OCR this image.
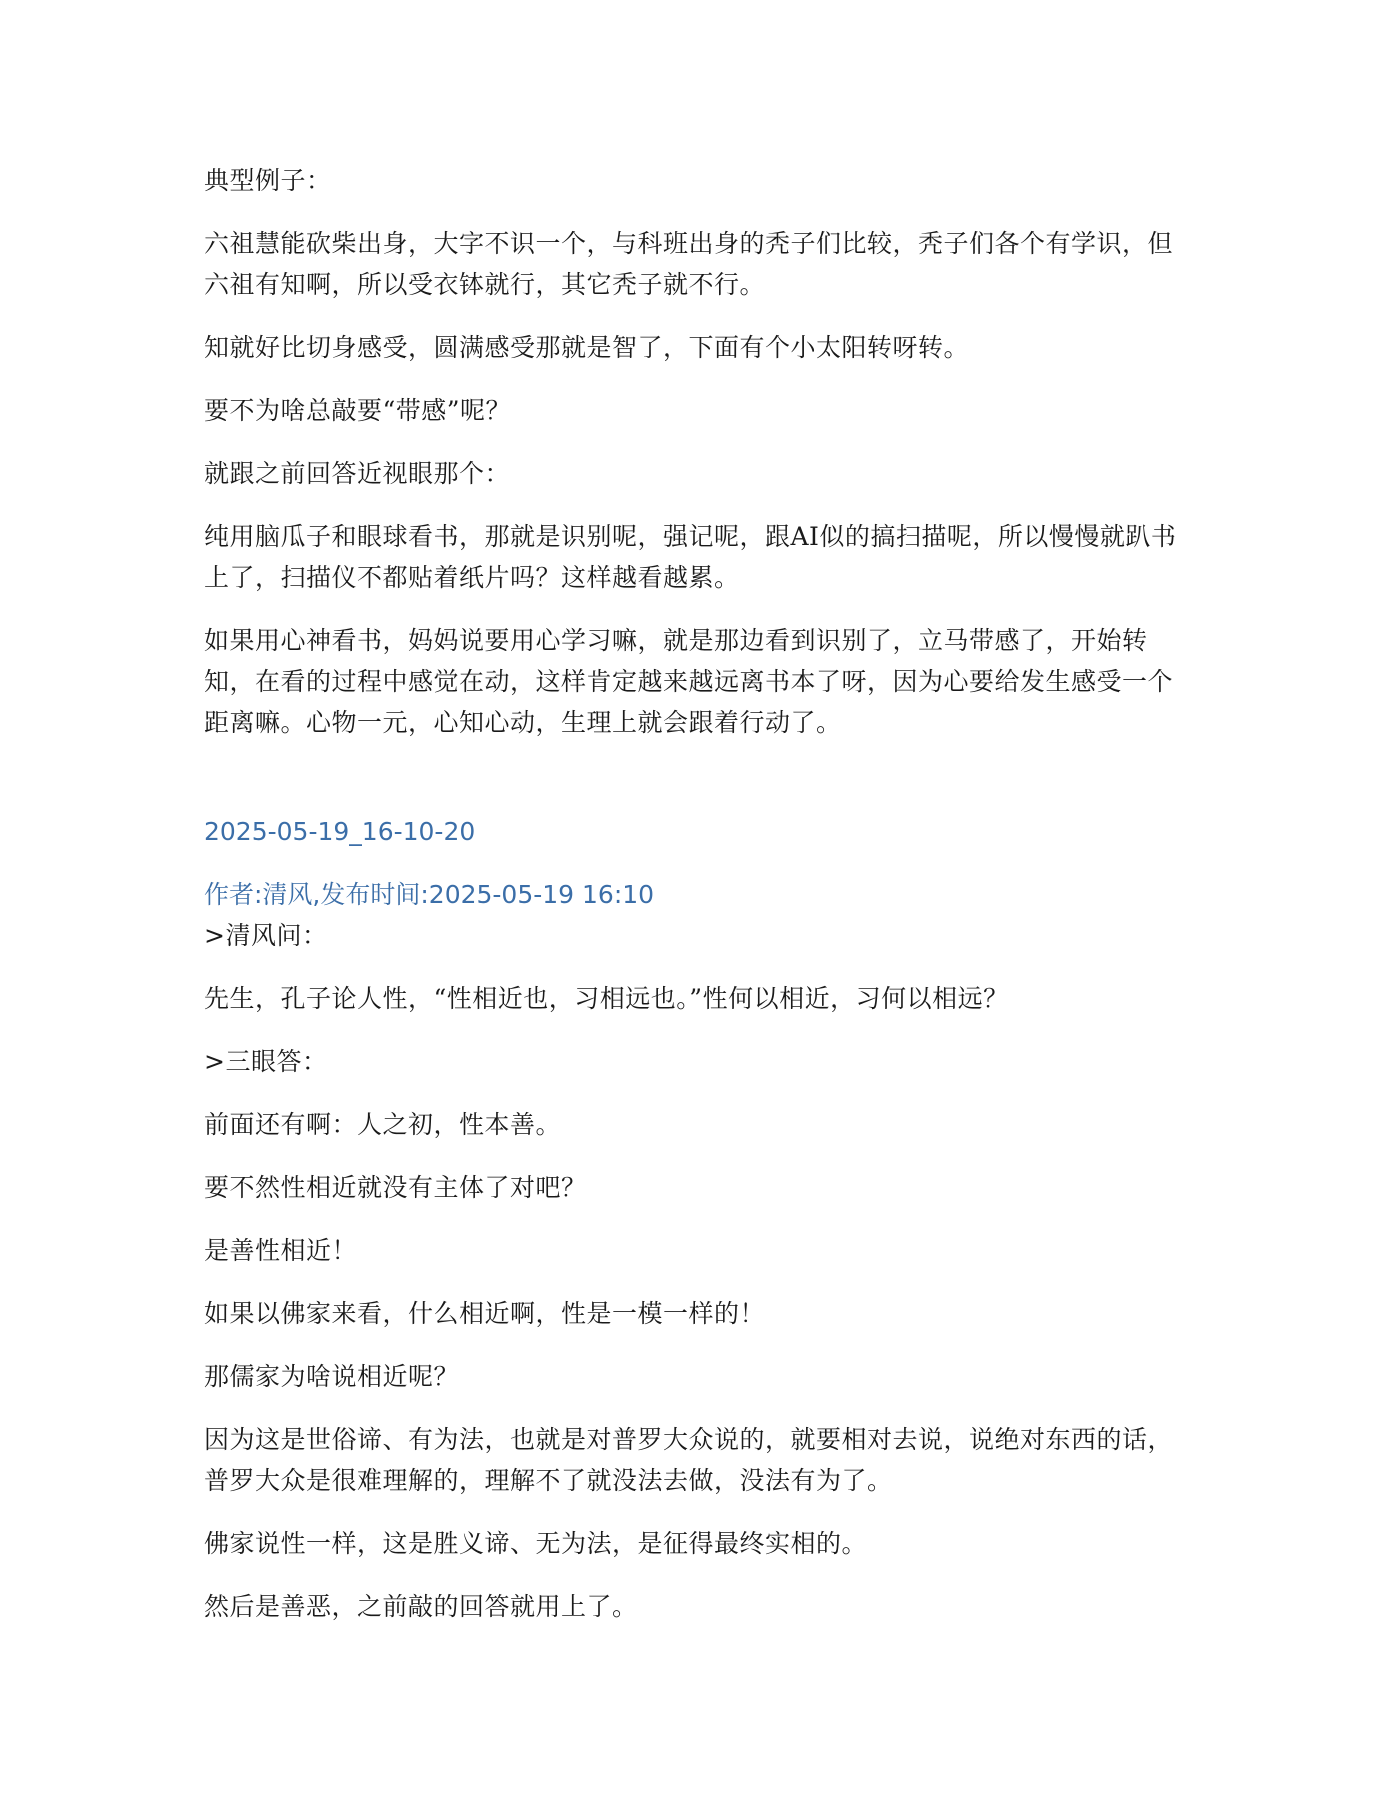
典型例子：

六祖慧能砍柴出身，大字不识一个，与科班出身的秃子们比较，秃子们各个有学识，但六祖有知啊，所以受衣钵就行，其它秃子就不行。

知就好比切身感受，圆满感受那就是智了，下面有个小太阳转呀转。

要不为啥总敲要“带感”呢？

就跟之前回答近视眼那个：

纯用脑瓜子和眼球看书，那就是识别呢，强记呢，跟AI似的搞扫描呢，所以慢慢就趴书上了，扫描仪不都贴着纸片吗？这样越看越累。

如果用心神看书，妈妈说要用心学习嘛，就是那边看到识别了，立马带感了，开始转知，在看的过程中感觉在动，这样肯定越来越远离书本了呀，因为心要给发生感受一个距离嘛。心物一元，心知心动，生理上就会跟着行动了。

2025-05-19_16-10-20

作者:清风,发布时间:2025-05-19 16:10

>清风问：

先生，孔子论人性，“性相近也，习相远也。”性何以相近，习何以相远？

>三眼答：

前面还有啊：人之初，性本善。

要不然性相近就没有主体了对吧？

是善性相近！

如果以佛家来看，什么相近啊，性是一模一样的！

那儒家为啥说相近呢？

因为这是世俗谛、有为法，也就是对普罗大众说的，就要相对去说，说绝对东西的话，普罗大众是很难理解的，理解不了就没法去做，没法有为了。

佛家说性一样，这是胜义谛、无为法，是征得最终实相的。

然后是善恶，之前敲的回答就用上了。
